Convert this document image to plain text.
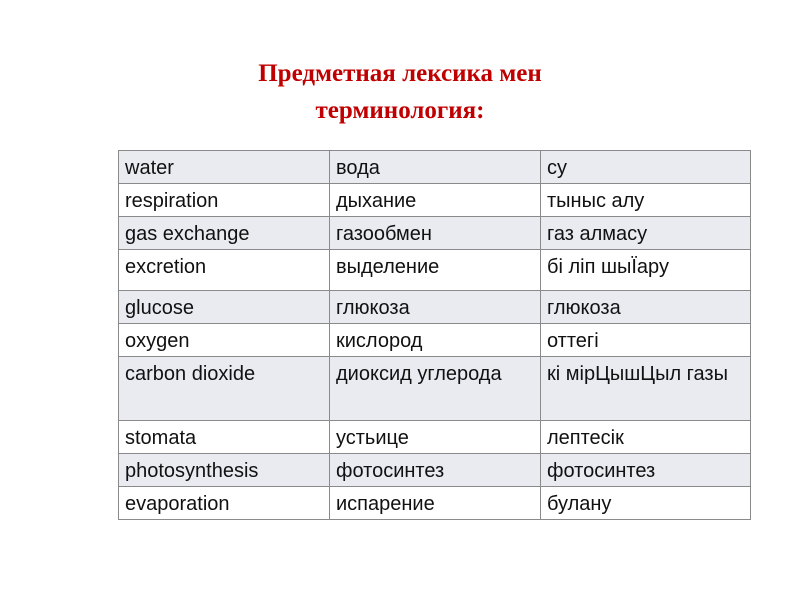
Предметная лексика мен
терминология:
water	вода	су
respiration	дыхание	тыныс алу
gas exchange	газообмен	газ алмасу
excretion	выделение	бі ліп шыЇару
glucose	глюкоза	глюкоза
oxygen	кислород	оттегі
carbon dioxide	диоксид углерода	кі мірЦышЦыл газы
stomata	устьице	лептесік
photosynthesis	фотосинтез	фотосинтез
evaporation	испарение	булану
